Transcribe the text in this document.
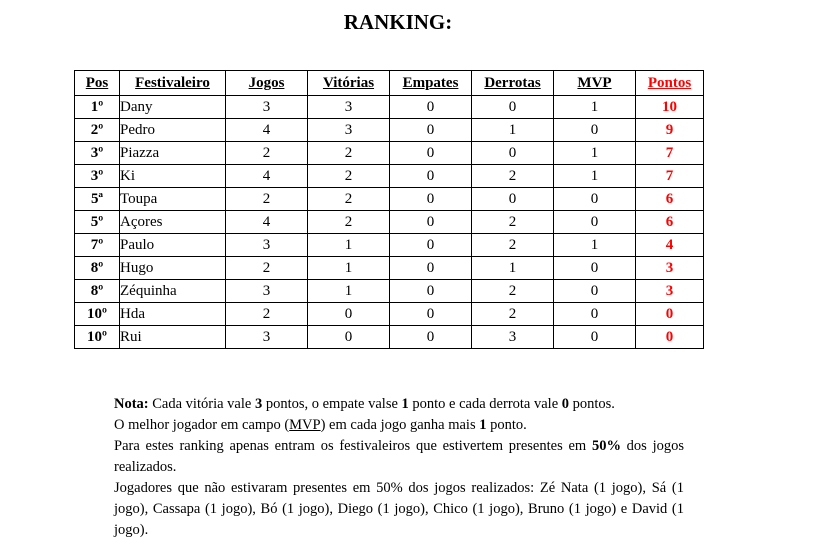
RANKING:
Pos	Festivaleiro	Jogos	Vitórias	Empates	Derrotas	MVP	Pontos
1º	Dany	3	3	0	0	1	10
2º	Pedro	4	3	0	1	0	9
3º	Piazza	2	2	0	0	1	7
3º	Ki	4	2	0	2	1	7
5ª	Toupa	2	2	0	0	0	6
5º	Açores	4	2	0	2	0	6
7º	Paulo	3	1	0	2	1	4
8º	Hugo	2	1	0	1	0	3
8º	Zéquinha	3	1	0	2	0	3
10º	Hda	2	0	0	2	0	0
10º	Rui	3	0	0	3	0	0

Nota: Cada vitória vale 3 pontos, o empate valse 1 ponto e cada derrota vale 0 pontos.

O melhor jogador em campo (MVP) em cada jogo ganha mais 1 ponto.

Para estes ranking apenas entram os festivaleiros que estivertem presentes em 50% dos jogos realizados.

Jogadores que não estivaram presentes em 50% dos jogos realizados: Zé Nata (1 jogo), Sá (1 jogo), Cassapa (1 jogo), Bó (1 jogo), Diego (1 jogo), Chico (1 jogo), Bruno (1 jogo) e David (1 jogo).
